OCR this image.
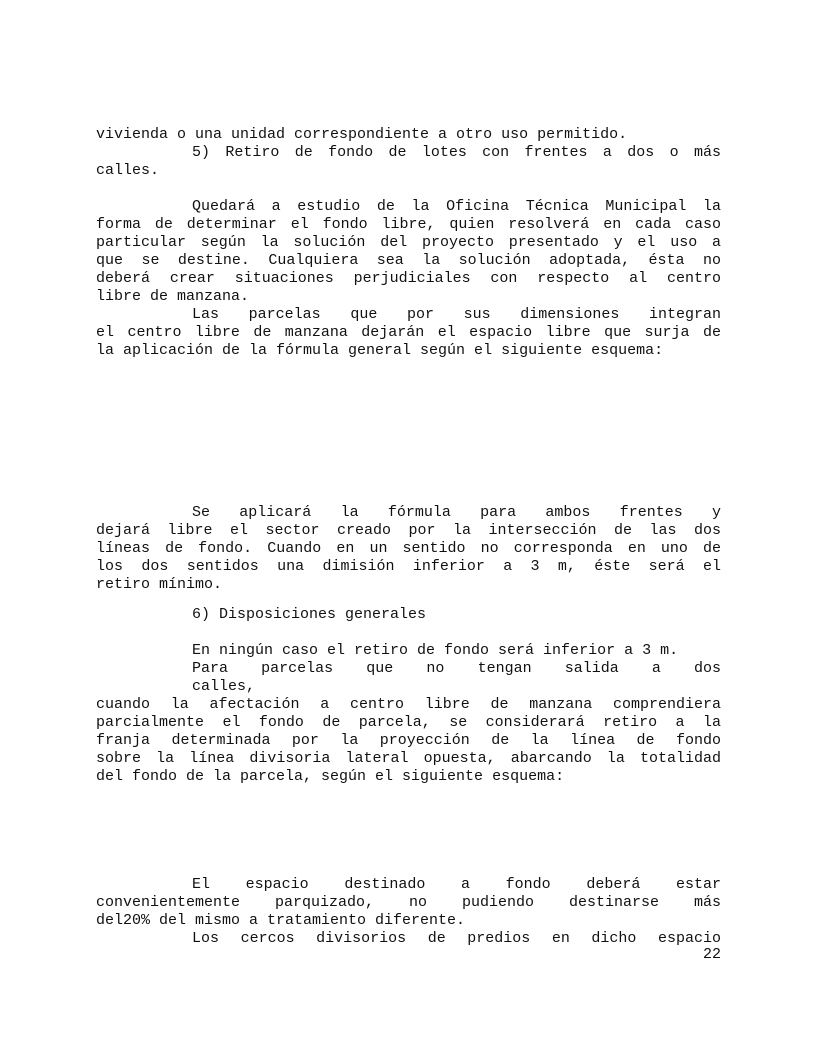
vivienda o una unidad correspondiente a otro uso permitido.
5) Retiro de fondo de lotes con frentes a dos o más
calles.
Quedará a estudio de la Oficina Técnica Municipal la
forma de determinar el fondo libre, quien resolverá en cada caso
particular según la solución del proyecto presentado y el uso a
que se destine. Cualquiera sea la solución adoptada, ésta no
deberá crear situaciones perjudiciales con respecto al centro
libre de manzana.
Las parcelas que por sus dimensiones integran
el centro libre de manzana dejarán el espacio libre que surja de
la aplicación de la fórmula general según el siguiente esquema:
Se aplicará la fórmula para ambos frentes y
dejará libre el sector creado por la intersección de las dos
líneas de fondo. Cuando en un sentido no corresponda en uno de
los dos sentidos una dimisión inferior a 3 m, éste será el
retiro mínimo.
6) Disposiciones generales
En ningún caso el retiro de fondo será inferior a 3 m.
Para parcelas que no tengan salida a dos
calles,
cuando la afectación a centro libre de manzana comprendiera
parcialmente el fondo de parcela, se considerará retiro a la
franja determinada por la proyección de la línea de fondo
sobre la línea divisoria lateral opuesta, abarcando la totalidad
del fondo de la parcela, según el siguiente esquema:
El espacio destinado a fondo deberá estar
convenientemente parquizado, no pudiendo destinarse más
del20% del mismo a tratamiento diferente.
Los cercos divisorios de predios en dicho espacio
22
